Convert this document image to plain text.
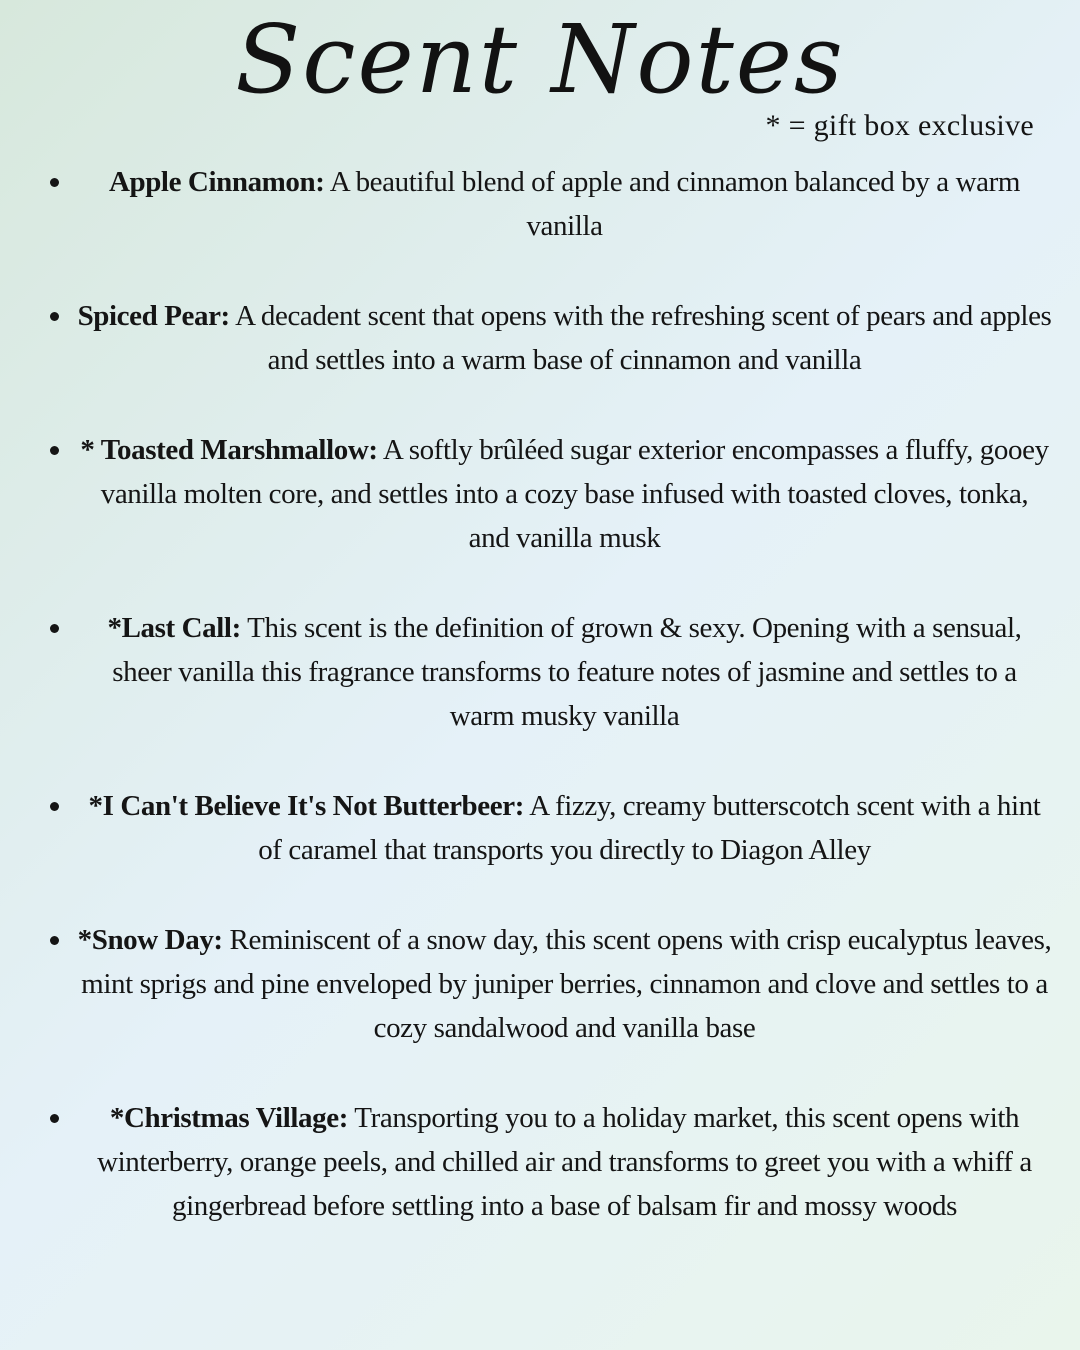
Scent Notes

* = gift box exclusive

Apple Cinnamon: A beautiful blend of apple and cinnamon balanced by a warm vanilla

Spiced Pear: A decadent scent that opens with the refreshing scent of pears and apples and settles into a warm base of cinnamon and vanilla

* Toasted Marshmallow: A softly brûléed sugar exterior encompasses a fluffy, gooey vanilla molten core, and settles into a cozy base infused with toasted cloves, tonka, and vanilla musk

*Last Call: This scent is the definition of grown & sexy. Opening with a sensual, sheer vanilla this fragrance transforms to feature notes of jasmine and settles to a warm musky vanilla

*I Can't Believe It's Not Butterbeer: A fizzy, creamy butterscotch scent with a hint of caramel that transports you directly to Diagon Alley

*Snow Day: Reminiscent of a snow day, this scent opens with crisp eucalyptus leaves, mint sprigs and pine enveloped by juniper berries, cinnamon and clove and settles to a cozy sandalwood and vanilla base

*Christmas Village: Transporting you to a holiday market, this scent opens with winterberry, orange peels, and chilled air and transforms to greet you with a whiff a gingerbread before settling into a base of balsam fir and mossy woods
